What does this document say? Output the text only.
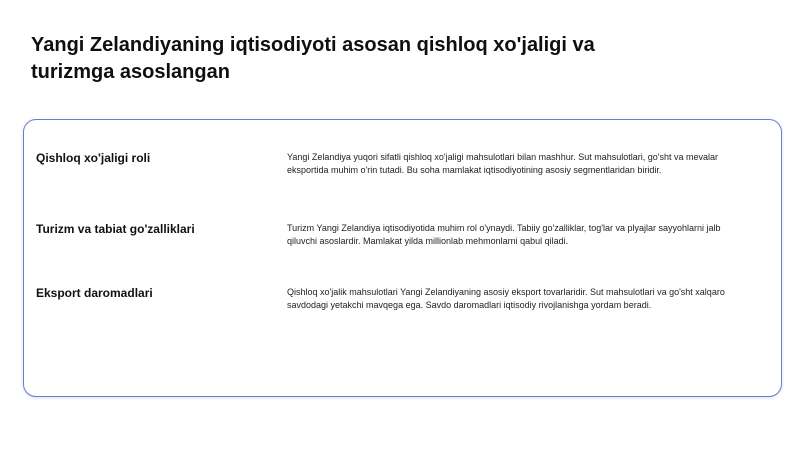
Yangi Zelandiyaning iqtisodiyoti asosan qishloq xo'jaligi va turizmga asoslangan
Qishloq xo'jaligi roli	Yangi Zelandiya yuqori sifatli qishloq xo'jaligi mahsulotlari bilan mashhur. Sut mahsulotlari, go'sht va mevalar eksportida muhim o'rin tutadi. Bu soha mamlakat iqtisodiyotining asosiy segmentlaridan biridir.

Turizm va tabiat go'zalliklari	Turizm Yangi Zelandiya iqtisodiyotida muhim rol o'ynaydi. Tabiiy go'zalliklar, tog'lar va plyajlar sayyohlarni jalb qiluvchi asoslardir. Mamlakat yilda millionlab mehmonlarni qabul qiladi.

Eksport daromadlari	Qishloq xo'jalik mahsulotlari Yangi Zelandiyaning asosiy eksport tovarlaridir. Sut mahsulotlari va go'sht xalqaro savdodagi yetakchi mavqega ega. Savdo daromadlari iqtisodiy rivojlanishga yordam beradi.
